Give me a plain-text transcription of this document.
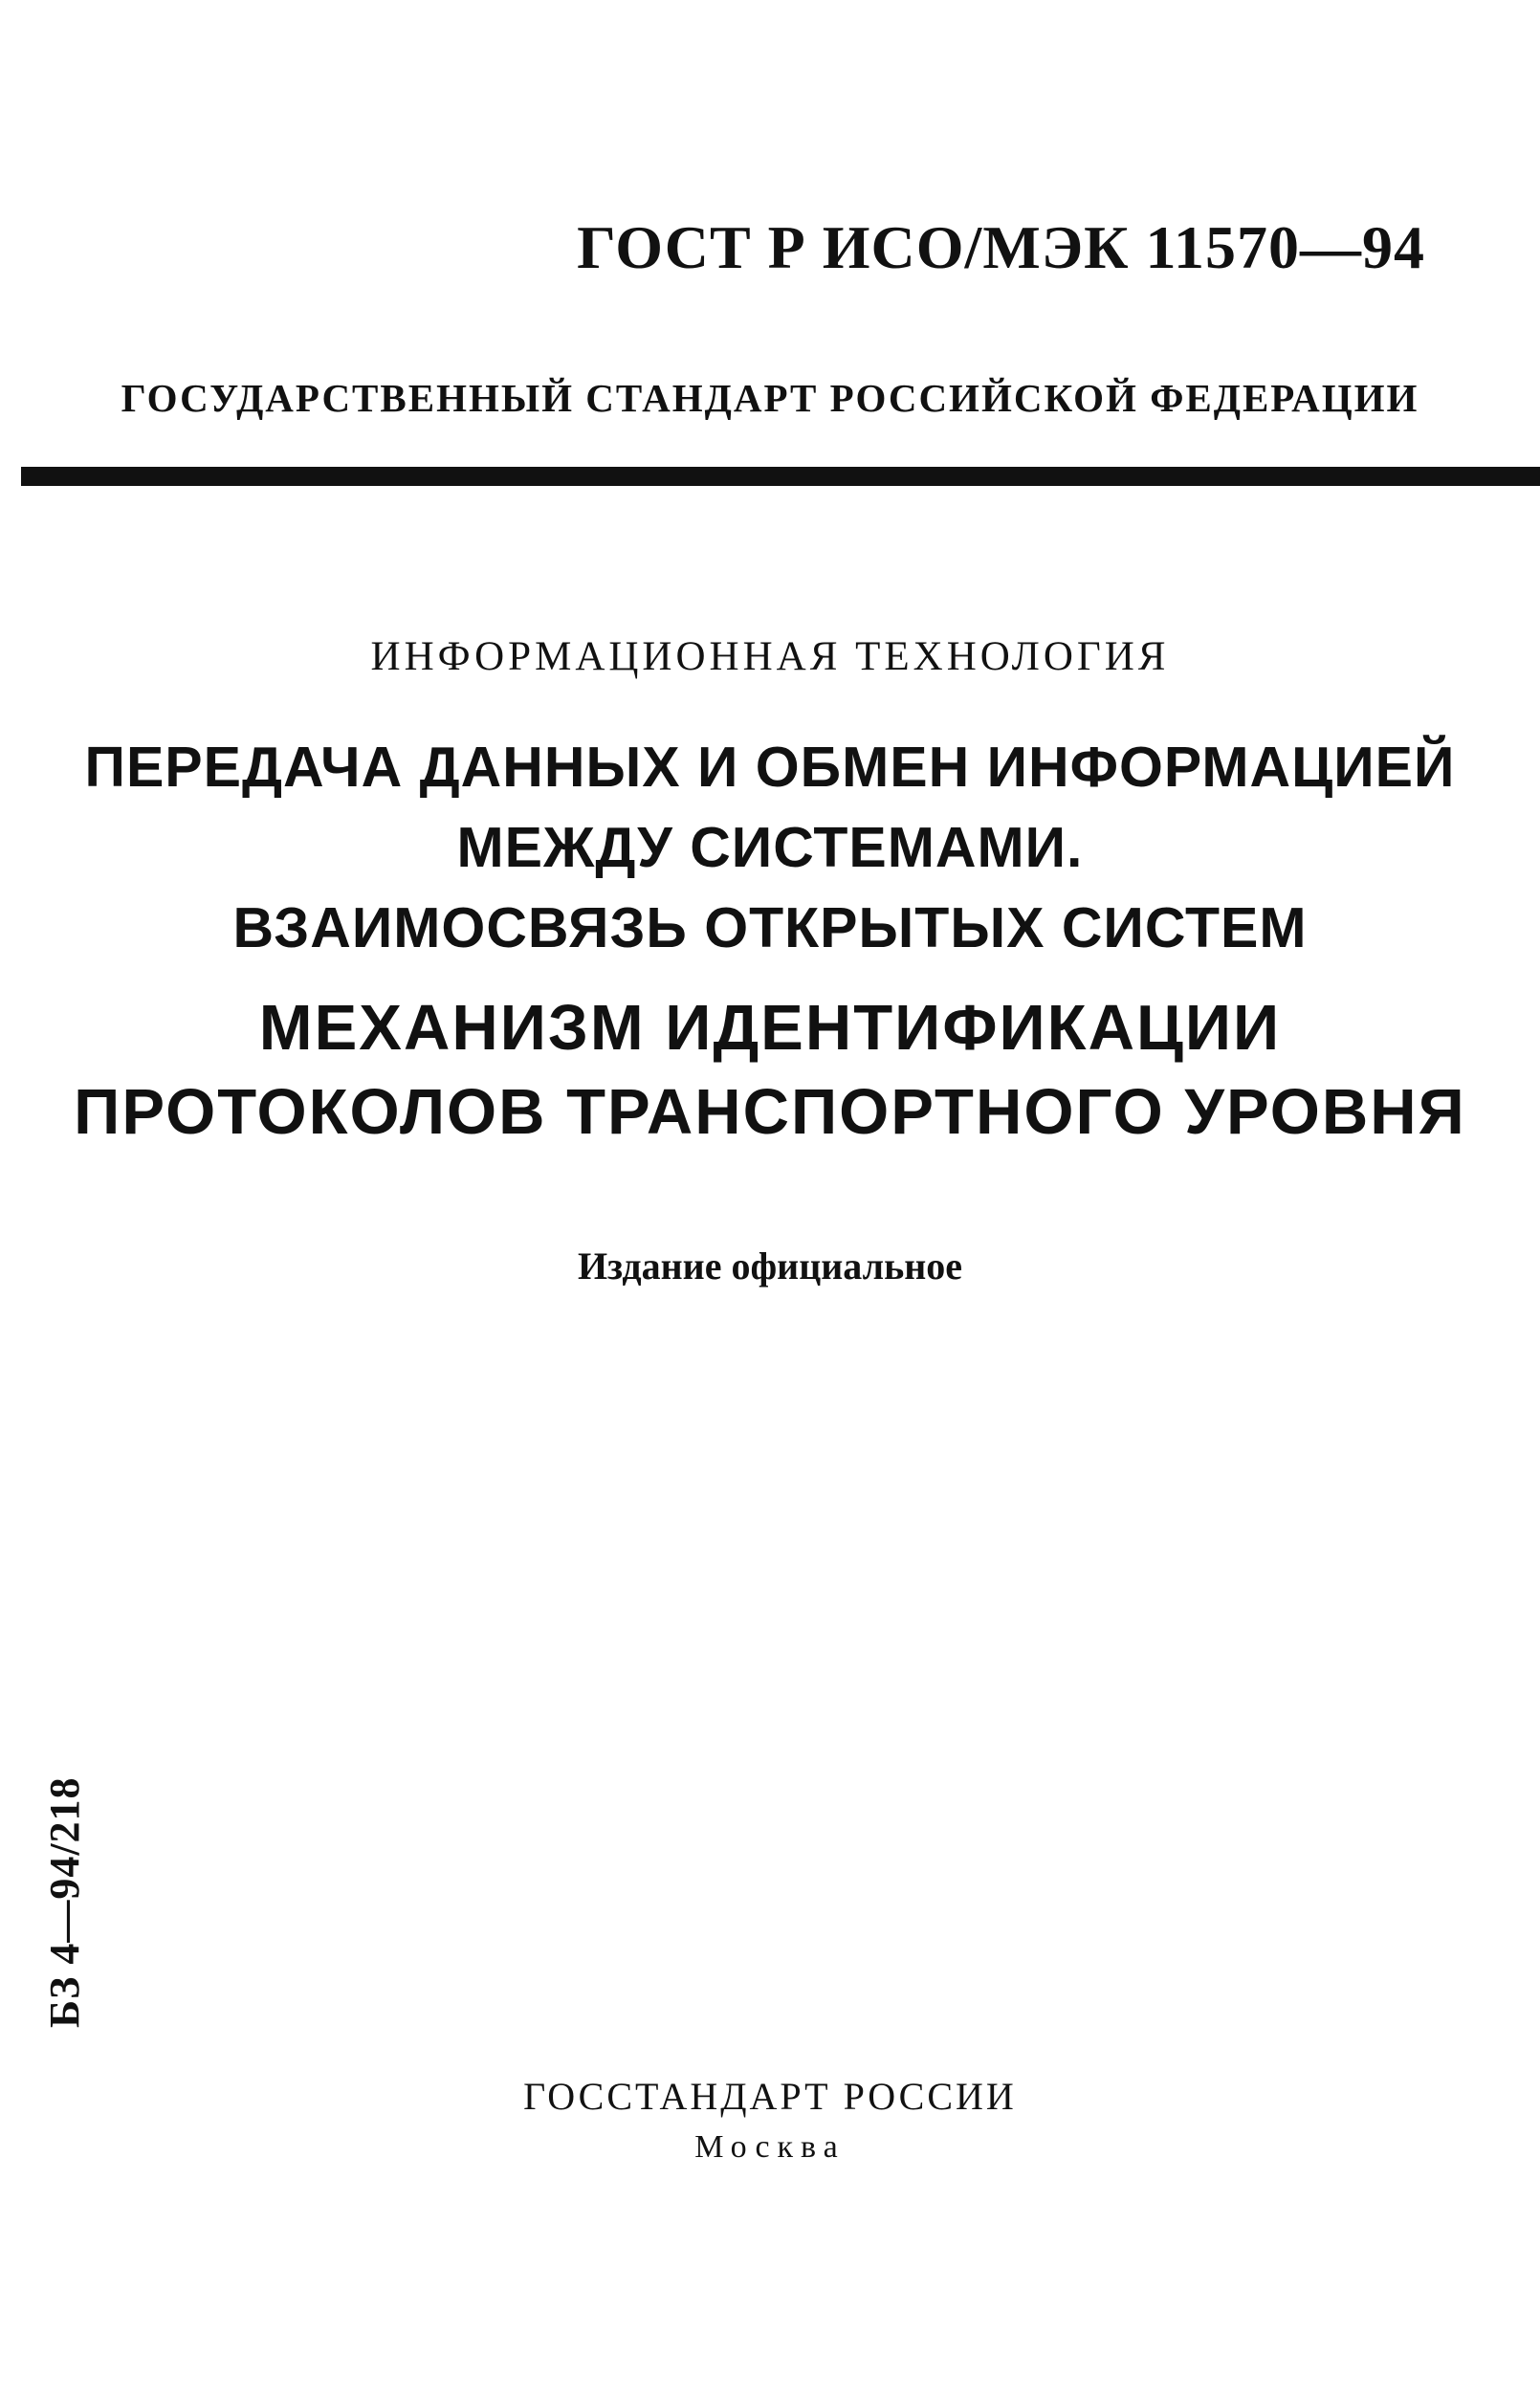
ГОСТ Р ИСО/МЭК 11570—94
ГОСУДАРСТВЕННЫЙ СТАНДАРТ РОССИЙСКОЙ ФЕДЕРАЦИИ
ИНФОРМАЦИОННАЯ ТЕХНОЛОГИЯ
ПЕРЕДАЧА ДАННЫХ И ОБМЕН ИНФОРМАЦИЕЙ
МЕЖДУ СИСТЕМАМИ.
ВЗАИМОСВЯЗЬ ОТКРЫТЫХ СИСТЕМ
МЕХАНИЗМ ИДЕНТИФИКАЦИИ
ПРОТОКОЛОВ ТРАНСПОРТНОГО УРОВНЯ
Издание официальное
БЗ 4—94/218
ГОССТАНДАРТ РОССИИ
Москва
